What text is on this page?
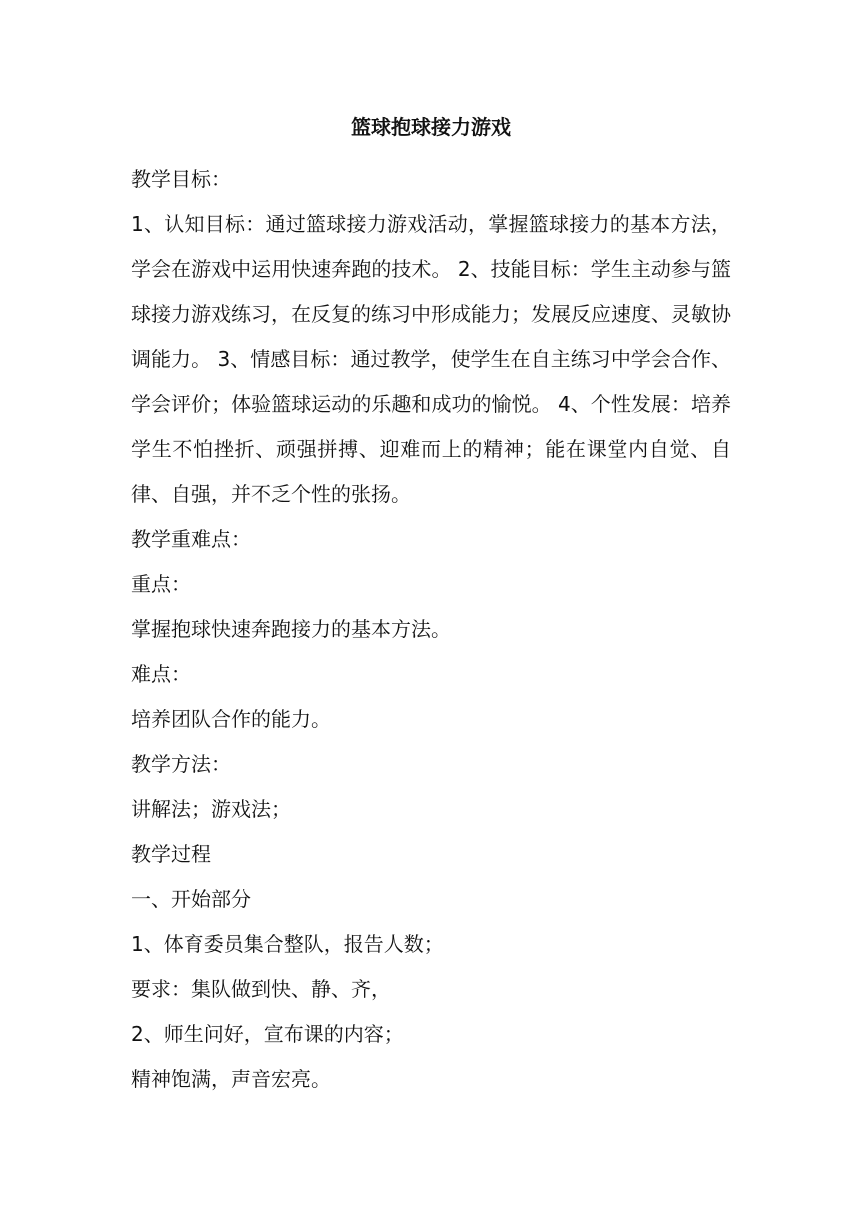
篮球抱球接力游戏

教学目标：

1、认知目标：通过篮球接力游戏活动，掌握篮球接力的基本方法，学会在游戏中运用快速奔跑的技术。 2、技能目标：学生主动参与篮球接力游戏练习，在反复的练习中形成能力；发展反应速度、灵敏协调能力。 3、情感目标：通过教学，使学生在自主练习中学会合作、学会评价；体验篮球运动的乐趣和成功的愉悦。 4、个性发展：培养学生不怕挫折、顽强拼搏、迎难而上的精神；能在课堂内自觉、自律、自强，并不乏个性的张扬。

教学重难点：

重点：

掌握抱球快速奔跑接力的基本方法。

难点：

培养团队合作的能力。

教学方法：

讲解法；游戏法；

教学过程

一、开始部分

1、体育委员集合整队，报告人数；

要求：集队做到快、静、齐，

2、师生问好，宣布课的内容；

精神饱满，声音宏亮。
